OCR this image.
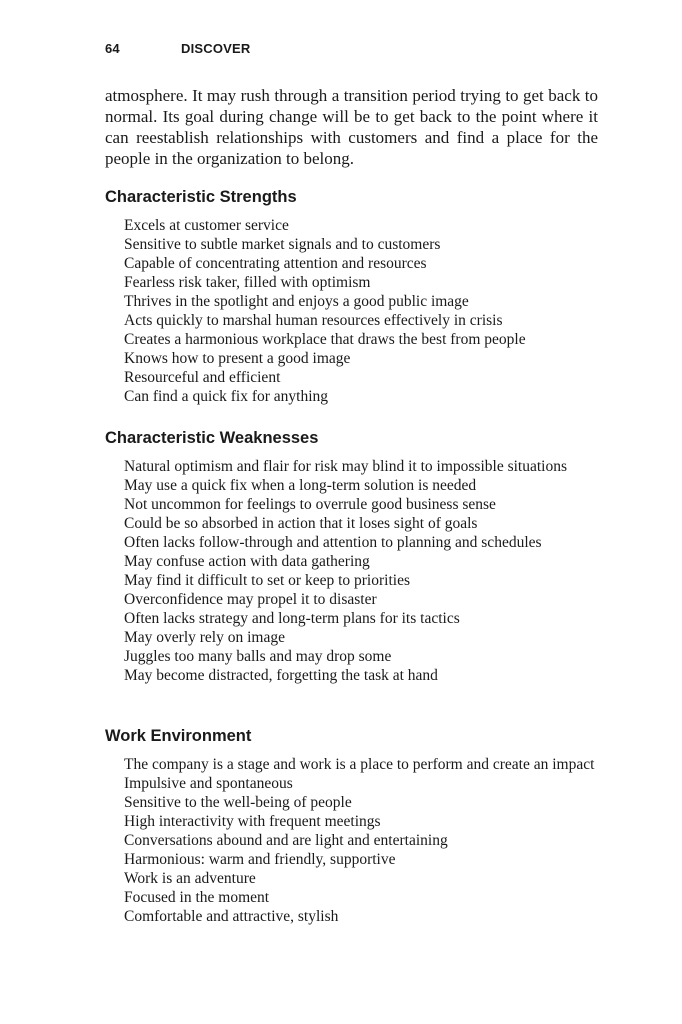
64	DISCOVER

atmosphere. It may rush through a transition period trying to get back to normal. Its goal during change will be to get back to the point where it can reestablish relationships with customers and find a place for the people in the organization to belong.

Characteristic Strengths
Excels at customer service
Sensitive to subtle market signals and to customers
Capable of concentrating attention and resources
Fearless risk taker, filled with optimism
Thrives in the spotlight and enjoys a good public image
Acts quickly to marshal human resources effectively in crisis
Creates a harmonious workplace that draws the best from people
Knows how to present a good image
Resourceful and efficient
Can find a quick fix for anything
Characteristic Weaknesses
Natural optimism and flair for risk may blind it to impossible situations
May use a quick fix when a long-term solution is needed
Not uncommon for feelings to overrule good business sense
Could be so absorbed in action that it loses sight of goals
Often lacks follow-through and attention to planning and schedules
May confuse action with data gathering
May find it difficult to set or keep to priorities
Overconfidence may propel it to disaster
Often lacks strategy and long-term plans for its tactics
May overly rely on image
Juggles too many balls and may drop some
May become distracted, forgetting the task at hand
Work Environment
The company is a stage and work is a place to perform and create an impact
Impulsive and spontaneous
Sensitive to the well-being of people
High interactivity with frequent meetings
Conversations abound and are light and entertaining
Harmonious: warm and friendly, supportive
Work is an adventure
Focused in the moment
Comfortable and attractive, stylish
